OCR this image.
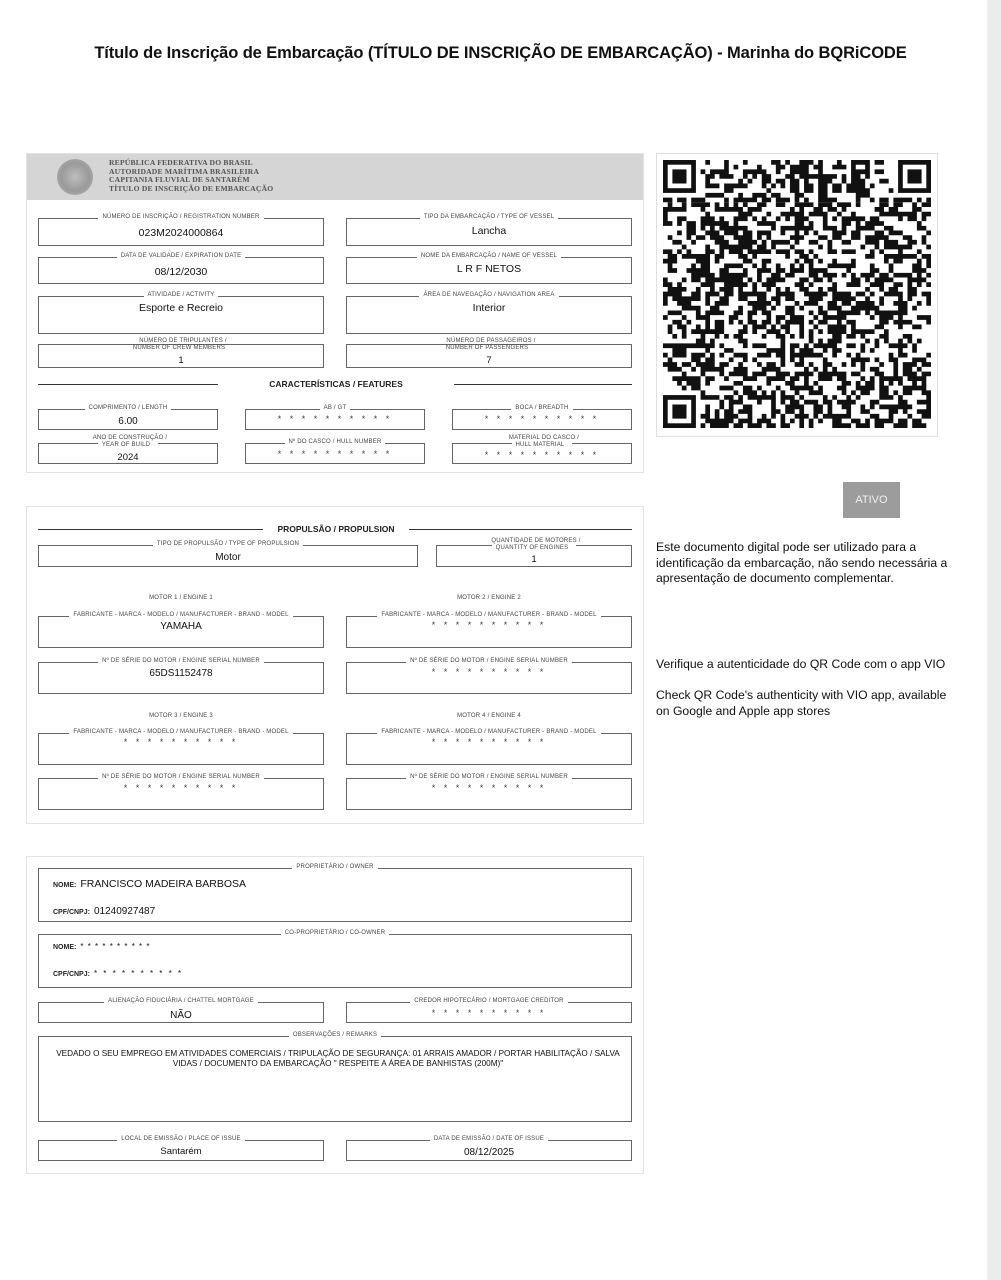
Título de Inscrição de Embarcação (TÍTULO DE INSCRIÇÃO DE EMBARCAÇÃO) - Marinha do BQRiCODE
REPÚBLICA FEDERATIVA DO BRASIL
AUTORIDADE MARÍTIMA BRASILEIRA
CAPITANIA FLUVIAL DE SANTARÉM
TÍTULO DE INSCRIÇÃO DE EMBARCAÇÃO
NÚMERO DE INSCRIÇÃO / REGISTRATION NUMBER
023M2024000864
TIPO DA EMBARCAÇÃO / TYPE OF VESSEL
Lancha
DATA DE VALIDADE / EXPIRATION DATE
08/12/2030
NOME DA EMBARCAÇÃO / NAME OF VESSEL
L R F NETOS
ATIVIDADE / ACTIVITY
Esporte e Recreio
ÁREA DE NAVEGAÇÃO / NAVIGATION AREA
Interior
NÚMERO DE TRIPULANTES /
NUMBER OF CREW MEMBERS
1
NÚMERO DE PASSAGEIROS /
NUMBER OF PASSENGERS
7
CARACTERÍSTICAS / FEATURES
COMPRIMENTO / LENGTH
6.00
AB / GT
* * * * * * * * * *
BOCA / BREADTH
* * * * * * * * * *
ANO DE CONSTRUÇÃO /
YEAR OF BUILD
2024
Nº DO CASCO / HULL NUMBER
* * * * * * * * * *
MATERIAL DO CASCO /
HULL MATERIAL
* * * * * * * * * *
PROPULSÃO / PROPULSION
TIPO DE PROPULSÃO / TYPE OF PROPULSION
Motor
QUANTIDADE DE MOTORES /
QUANTITY OF ENGINES
1
MOTOR 1 / ENGINE 1
FABRICANTE - MARCA - MODELO / MANUFACTURER - BRAND - MODEL
YAMAHA
Nº DE SÉRIE DO MOTOR / ENGINE SERIAL NUMBER
65DS1152478
MOTOR 2 / ENGINE 2
FABRICANTE - MARCA - MODELO / MANUFACTURER - BRAND - MODEL
* * * * * * * * * *
Nº DE SÉRIE DO MOTOR / ENGINE SERIAL NUMBER
* * * * * * * * * *
MOTOR 3 / ENGINE 3
FABRICANTE - MARCA - MODELO / MANUFACTURER - BRAND - MODEL
* * * * * * * * * *
Nº DE SÉRIE DO MOTOR / ENGINE SERIAL NUMBER
* * * * * * * * * *
MOTOR 4 / ENGINE 4
FABRICANTE - MARCA - MODELO / MANUFACTURER - BRAND - MODEL
* * * * * * * * * *
Nº DE SÉRIE DO MOTOR / ENGINE SERIAL NUMBER
* * * * * * * * * *
PROPRIETÁRIO / OWNER
NOME: FRANCISCO MADEIRA BARBOSA
CPF/CNPJ: 01240927487
CO-PROPRIETÁRIO / CO-OWNER
NOME: * * * * * * * * * *
CPF/CNPJ: * * * * * * * * * *
ALIENAÇÃO FIDUCIÁRIA / CHATTEL MORTGAGE
NÃO
CREDOR HIPOTECÁRIO / MORTGAGE CREDITOR
* * * * * * * * * *
OBSERVAÇÕES / REMARKS
VEDADO O SEU EMPREGO EM ATIVIDADES COMERCIAIS / TRIPULAÇÃO DE SEGURANÇA: 01 ARRAIS AMADOR / PORTAR HABILITAÇÃO / SALVA VIDAS / DOCUMENTO DA EMBARCAÇÃO " RESPEITE A ÁREA DE BANHISTAS (200M)"
LOCAL DE EMISSÃO / PLACE OF ISSUE
Santarém
DATA DE EMISSÃO / DATE OF ISSUE
08/12/2025
ATIVO
Este documento digital pode ser utilizado para a identificação da embarcação, não sendo necessária a apresentação de documento complementar.
Verifique a autenticidade do QR Code com o app VIO
Check QR Code's authenticity with VIO app, available on Google and Apple app stores
